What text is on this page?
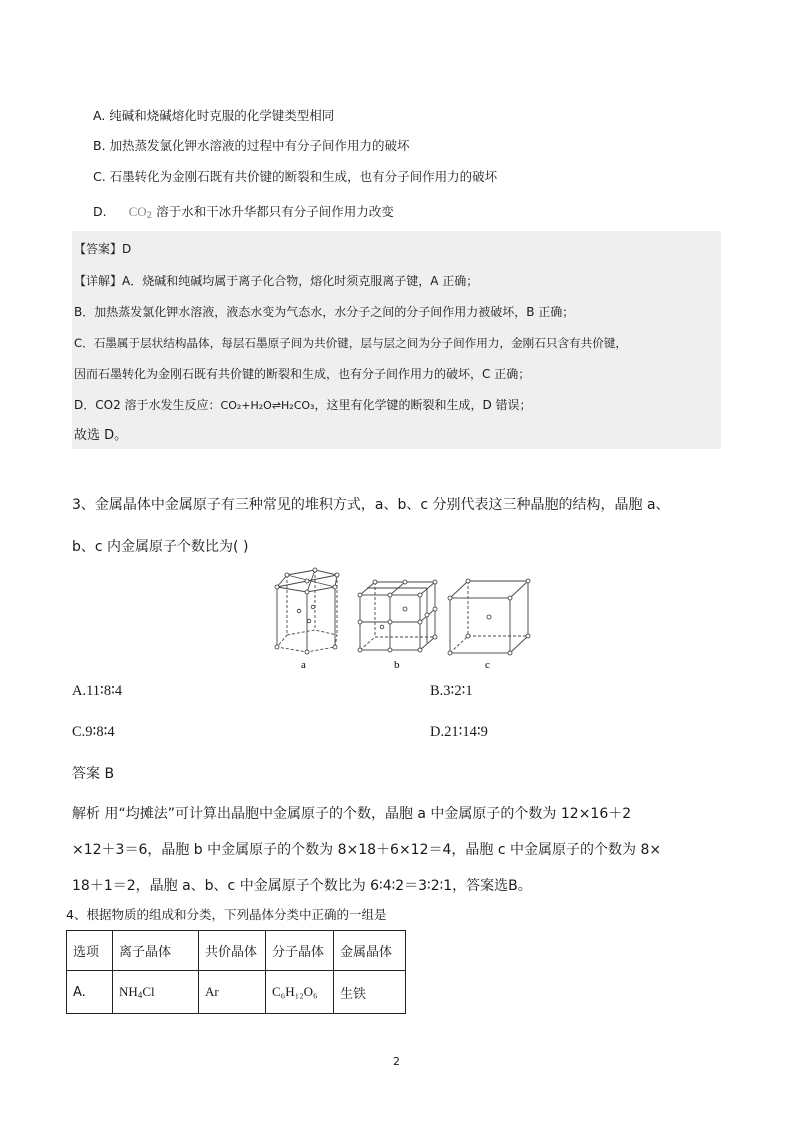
A. 纯碱和烧碱熔化时克服的化学键类型相同
B. 加热蒸发氯化钾水溶液的过程中有分子间作用力的破坏
C. 石墨转化为金刚石既有共价键的断裂和生成，也有分子间作用力的破坏
D. $CO_2$ 溶于水和干冰升华都只有分子间作用力改变
【答案】D
【详解】A．烧碱和纯碱均属于离子化合物，熔化时须克服离子键，A 正确；
B．加热蒸发氯化钾水溶液，液态水变为气态水，水分子之间的分子间作用力被破坏，B 正确；
C．石墨属于层状结构晶体，每层石墨原子间为共价键，层与层之间为分子间作用力，金刚石只含有共价键，
因而石墨转化为金刚石既有共价键的断裂和生成，也有分子间作用力的破坏，C 正确；
D．CO2 溶于水发生反应：CO₂+H₂O⇌H₂CO₃，这里有化学键的断裂和生成，D 错误；
故选 D。
3、金属晶体中金属原子有三种常见的堆积方式，a、b、c 分别代表这三种晶胞的结构，晶胞 a、
b、c 内金属原子个数比为( )
a	b	c
A.11∶8∶4	B.3∶2∶1
C.9∶8∶4	D.21∶14∶9
答案 B
解析 用“均摊法”可计算出晶胞中金属原子的个数，晶胞 a 中金属原子的个数为 12×16＋2
×12＋3＝6，晶胞 b 中金属原子的个数为 8×18＋6×12＝4，晶胞 c 中金属原子的个数为 8×
18＋1＝2，晶胞 a、b、c 中金属原子个数比为 6∶4∶2＝3∶2∶1，答案选B。
4、根据物质的组成和分类，下列晶体分类中正确的一组是
选项	离子晶体	共价晶体	分子晶体	金属晶体
A.	$NH_4Cl$	Ar	C₆H₁₂O₆	生铁
2
